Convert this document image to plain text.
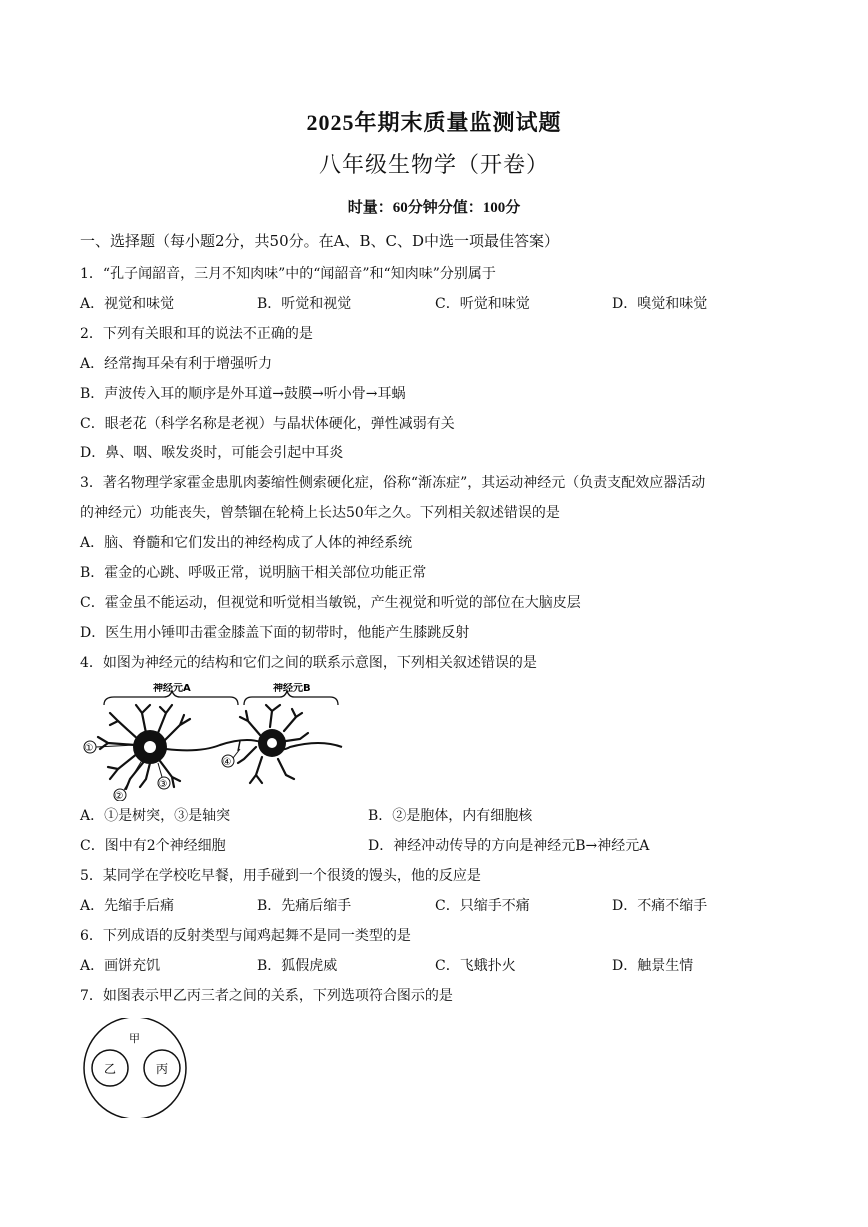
2025年期末质量监测试题
八年级生物学（开卷）
时量：60分钟分值：100分
一、选择题（每小题2分，共50分。在A、B、C、D中选一项最佳答案）
1．“孔子闻韶音，三月不知肉味”中的“闻韶音”和“知肉味”分别属于
A．视觉和味觉	B．听觉和视觉	C．听觉和味觉	D．嗅觉和味觉
2．下列有关眼和耳的说法不正确的是
A．经常掏耳朵有利于增强听力
B．声波传入耳的顺序是外耳道→鼓膜→听小骨→耳蜗
C．眼老花（科学名称是老视）与晶状体硬化，弹性减弱有关
D．鼻、咽、喉发炎时，可能会引起中耳炎
3．著名物理学家霍金患肌肉萎缩性侧索硬化症，俗称“渐冻症”，其运动神经元（负责支配效应器活动
的神经元）功能丧失，曾禁锢在轮椅上长达50年之久。下列相关叙述错误的是
A．脑、脊髓和它们发出的神经构成了人体的神经系统
B．霍金的心跳、呼吸正常，说明脑干相关部位功能正常
C．霍金虽不能运动，但视觉和听觉相当敏锐，产生视觉和听觉的部位在大脑皮层
D．医生用小锤叩击霍金膝盖下面的韧带时，他能产生膝跳反射
4．如图为神经元的结构和它们之间的联系示意图，下列相关叙述错误的是
神经元A	神经元B
①
②
③
④
A．①是树突，③是轴突	B．②是胞体，内有细胞核
C．图中有2个神经细胞	D．神经冲动传导的方向是神经元B→神经元A
5．某同学在学校吃早餐，用手碰到一个很烫的馒头，他的反应是
A．先缩手后痛	B．先痛后缩手	C．只缩手不痛	D．不痛不缩手
6．下列成语的反射类型与闻鸡起舞不是同一类型的是
A．画饼充饥	B．狐假虎威	C．飞蛾扑火	D．触景生情
7．如图表示甲乙丙三者之间的关系，下列选项符合图示的是
甲
乙	丙
